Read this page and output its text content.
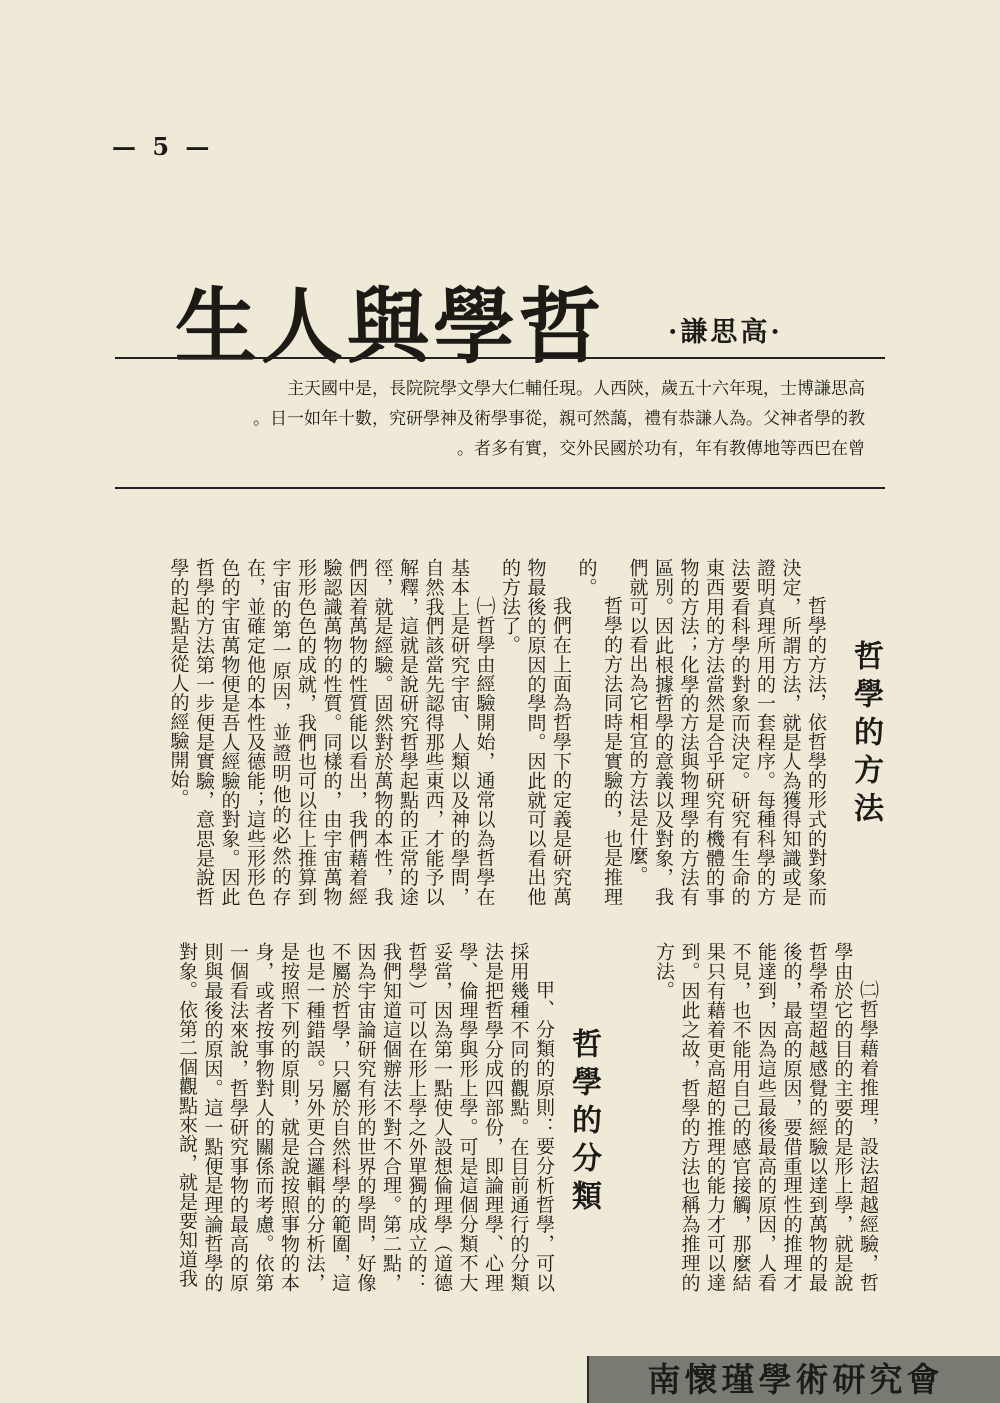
— 5 —
哲學與人生 ·高思謙·
高思謙博士，現年六十五歲，陝西人。現任輔仁大學文學院院長，是中國天主
教的學者神父。為人謙恭有禮，藹然可親，從事學術及神學研究，數十年如一日。
曾在巴西等地傳教有年，有功於國民外交，實有多者。
哲學的方法

哲學的方法，依哲學的形式的對象而決定，所謂方法，就是人為獲得知識或是證明真理所用的一套程序。每種科學的方法要看科學的對象而決定。研究有生命的東西用的方法當然是合乎研究有機體的事物的方法；化學的方法與物理學的方法有區別。因此根據哲學的意義以及對象，我們就可以看出為它相宜的方法是什麼。

哲學的方法同時是實驗的，也是推理的。

我們在上面為哲學下的定義是研究萬物最後的原因的學問。因此就可以看出他的方法了。

㈠哲學由經驗開始，通常以為哲學在基本上是研究宇宙、人類以及神的學問，自然我們該當先認得那些東西，才能予以解釋，這就是說研究哲學起點的正常的途徑，就是經驗。固然對於萬物的本性，我們因着萬物的性質能以看出，我們藉着經驗認識萬物的性質。同樣的，由宇宙萬物形形色色的成就，我們也可以往上推算到宇宙的第一原因，並證明他的必然的存在，並確定他的本性及德能；這些形形色色的宇宙萬物便是吾人經驗的對象。因此哲學的方法第一步便是實驗，意思是說哲學的起點是從人的經驗開始。

㈡哲學藉着推理，設法超越經驗，哲學由於它的目的主要的是形上學，就是說哲學希望超越感覺的經驗以達到萬物的最後的，最高的原因，要借重理性的推理才能達到，因為這些最後最高的原因，人看不見，也不能用自己的感官接觸，那麼結果只有藉着更高超的推理的能力才可以達到。因此之故，哲學的方法也稱為推理的方法。

哲學的分類

甲、分類的原則：要分析哲學，可以採用幾種不同的觀點。在目前通行的分類法是把哲學分成四部份，即論理學、心理學、倫理學與形上學。可是這個分類不大妥當，因為第一點使人設想倫理學（道德哲學）可以在形上學之外單獨的成立的：我們知道這個辦法不對不合理。第二點，因為宇宙論研究有形的世界的學問，好像不屬於哲學，只屬於自然科學的範圍，這也是一種錯誤。另外更合邏輯的分析法，是按照下列的原則，就是說按照事物的本身，或者按事物對人的關係而考慮。依第一個看法來說，哲學研究事物的最高的原則與最後的原因。這一點便是理論哲學的對象。依第二個觀點來說，就是要知道我

南懷瑾學術研究會
